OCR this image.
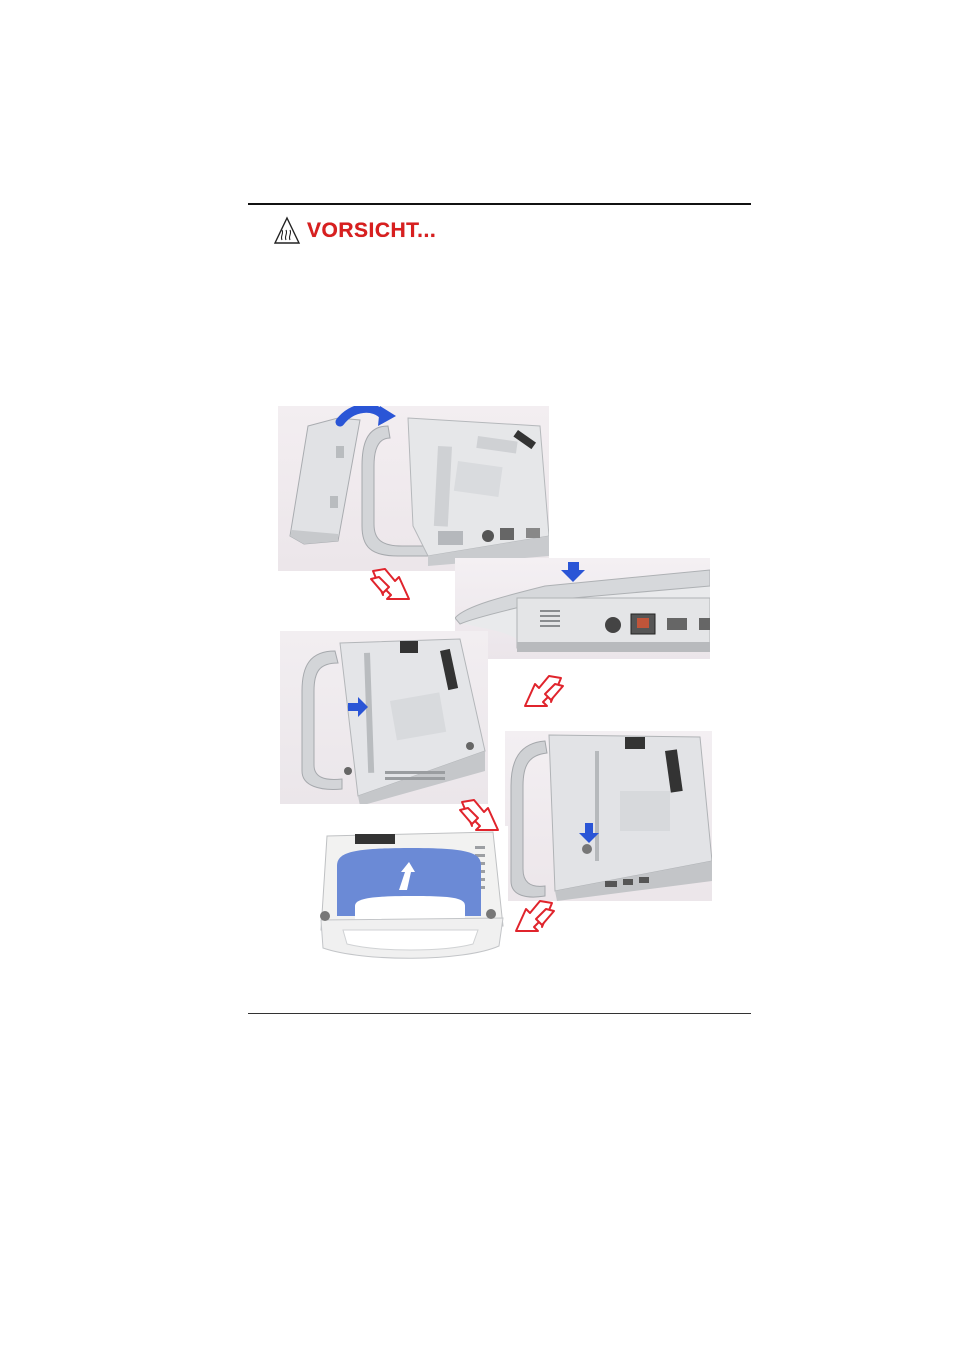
VORSICHT...
